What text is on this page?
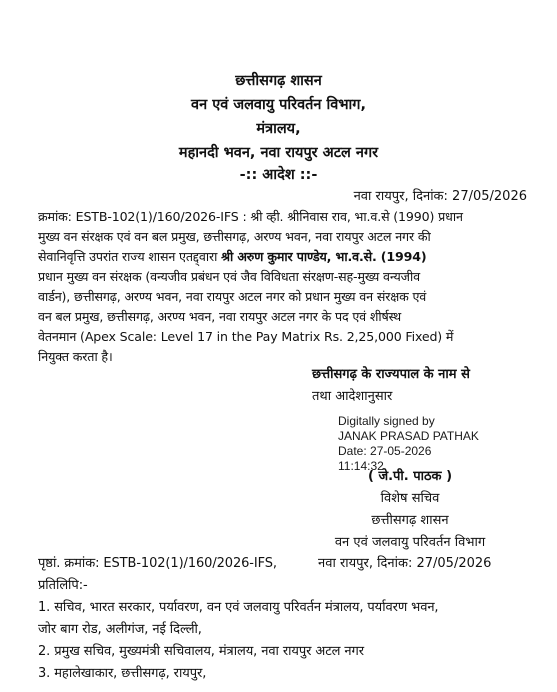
छत्तीसगढ़ शासन
वन एवं जलवायु परिवर्तन विभाग,
मंत्रालय,
महानदी भवन, नवा रायपुर अटल नगर
-:: आदेश ::-
नवा रायपुर, दिनांक: 27/05/2026
क्रमांक: ESTB-102(1)/160/2026-IFS : श्री व्ही. श्रीनिवास राव, भा.व.से (1990) प्रधान
मुख्य वन संरक्षक एवं वन बल प्रमुख, छत्तीसगढ़, अरण्य भवन, नवा रायपुर अटल नगर की
सेवानिवृत्ति उपरांत राज्य शासन एतद्द्वारा श्री अरुण कुमार पाण्डेय, भा.व.से. (1994)
प्रधान मुख्य वन संरक्षक (वन्यजीव प्रबंधन एवं जैव विविधता संरक्षण-सह-मुख्य वन्यजीव
वार्डन), छत्तीसगढ़, अरण्य भवन, नवा रायपुर अटल नगर को प्रधान मुख्य वन संरक्षक एवं
वन बल प्रमुख, छत्तीसगढ़, अरण्य भवन, नवा रायपुर अटल नगर के पद एवं शीर्षस्थ
वेतनमान (Apex Scale: Level 17 in the Pay Matrix Rs. 2,25,000 Fixed) में
नियुक्त करता है।
छत्तीसगढ़ के राज्यपाल के नाम से
तथा आदेशानुसार
Digitally signed by
JANAK PRASAD PATHAK
Date: 27-05-2026
11:14:32
( जे.पी. पाठक )
विशेष सचिव
छत्तीसगढ़ शासन
वन एवं जलवायु परिवर्तन विभाग
पृष्ठां. क्रमांक: ESTB-102(1)/160/2026-IFS,	नवा रायपुर, दिनांक: 27/05/2026
प्रतिलिपि:-
1. सचिव, भारत सरकार, पर्यावरण, वन एवं जलवायु परिवर्तन मंत्रालय, पर्यावरण भवन,
जोर बाग रोड, अलीगंज, नई दिल्ली,
2. प्रमुख सचिव, मुख्यमंत्री सचिवालय, मंत्रालय, नवा रायपुर अटल नगर
3. महालेखाकार, छत्तीसगढ़, रायपुर,
